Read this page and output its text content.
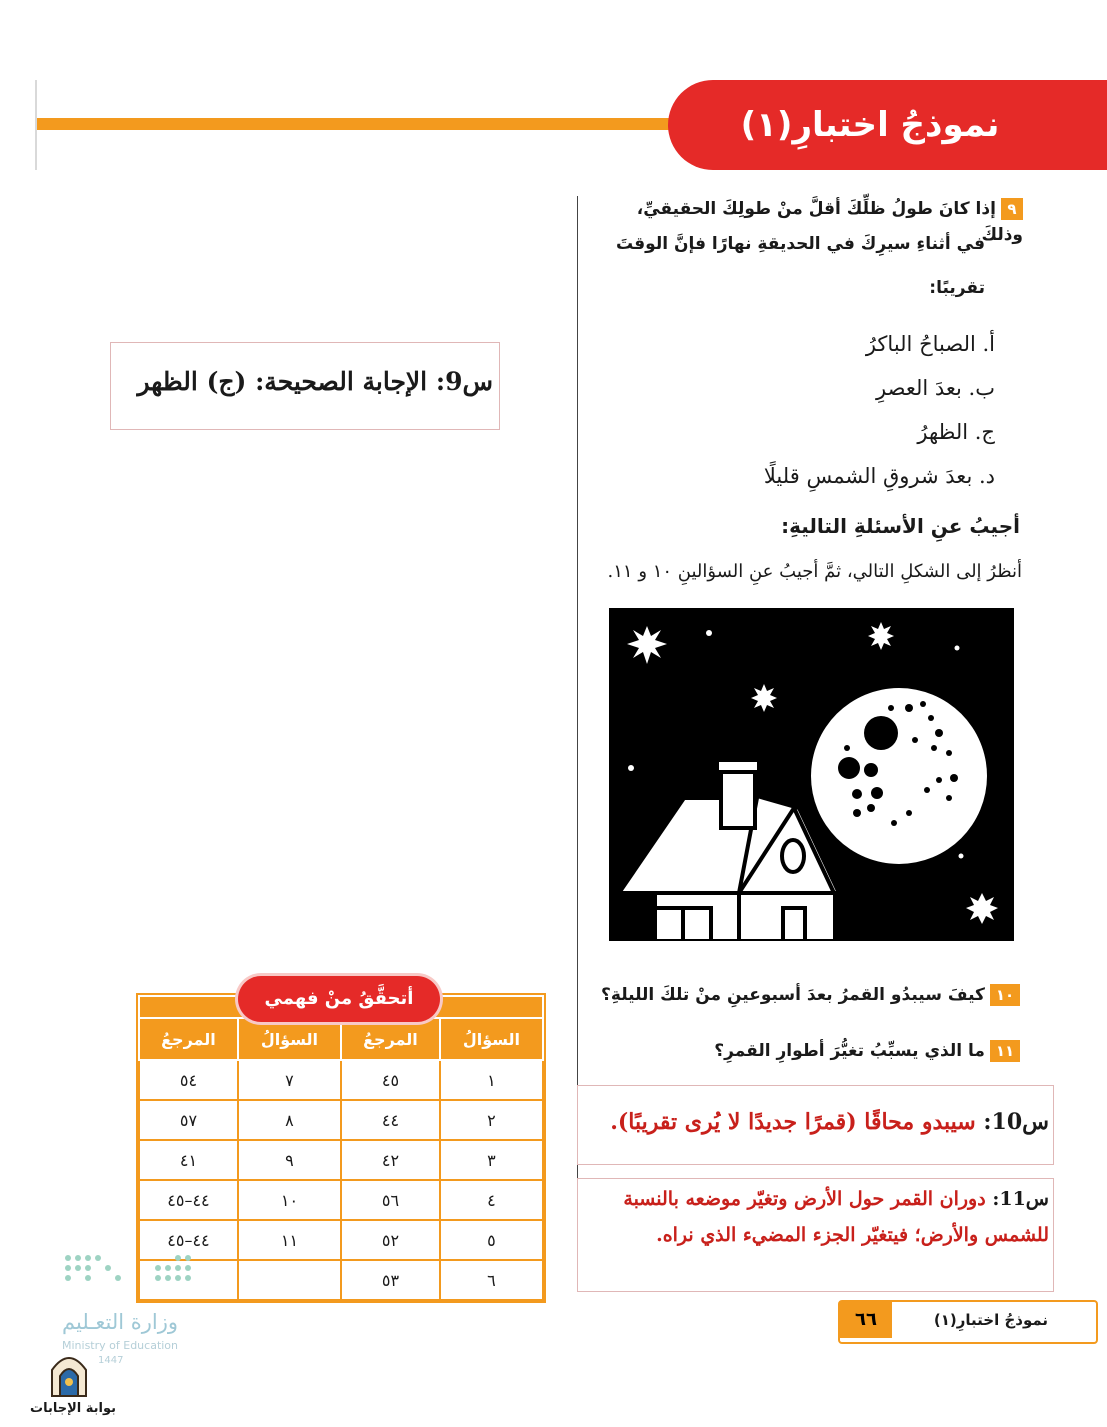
نموذجُ اختبارِ(١)
٩ إذا كانَ طولُ ظلِّكَ أقلَّ منْ طولِكَ الحقيقيِّ، وذلكَ
في أثناءِ سيرِكَ في الحديقةِ نهارًا فإنَّ الوقتَ
تقريبًا:
أ. الصباحُ الباكرُ
ب. بعدَ العصرِ
ج. الظهرُ
د. بعدَ شروقِ الشمسِ قليلًا
أجيبُ عنِ الأسئلةِ التاليةِ:
أنظرُ إلى الشكلِ التالي، ثمَّ أجيبُ عنِ السؤالينِ ١٠ و ١١.
١٠ كيفَ سيبدُو القمرُ بعدَ أسبوعينِ منْ تلكَ الليلةِ؟
١١ ما الذي يسبِّبُ تغيُّرَ أطوارِ القمرِ؟
س9: الإجابة الصحيحة: (ج) الظهر
س10: سيبدو محاقًا (قمرًا جديدًا لا يُرى تقريبًا).
س11: دوران القمر حول الأرض وتغيّر موضعه بالنسبة للشمس والأرض؛ فيتغيّر الجزء المضيء الذي نراه.

السؤالُ	المرجعُ	السؤالُ	المرجعُ
١	٤٥	٧	٥٤
٢	٤٤	٨	٥٧
٣	٤٢	٩	٤١
٤	٥٦	١٠	٤٤–٤٥
٥	٥٢	١١	٤٤–٤٥
٦	٥٣		
أتحقَّقُ منْ فهمي
وزارة التعـليم
Ministry of Education
1447
بوابة الإجابات
٦٦	نموذجُ اختبارِ(١)
